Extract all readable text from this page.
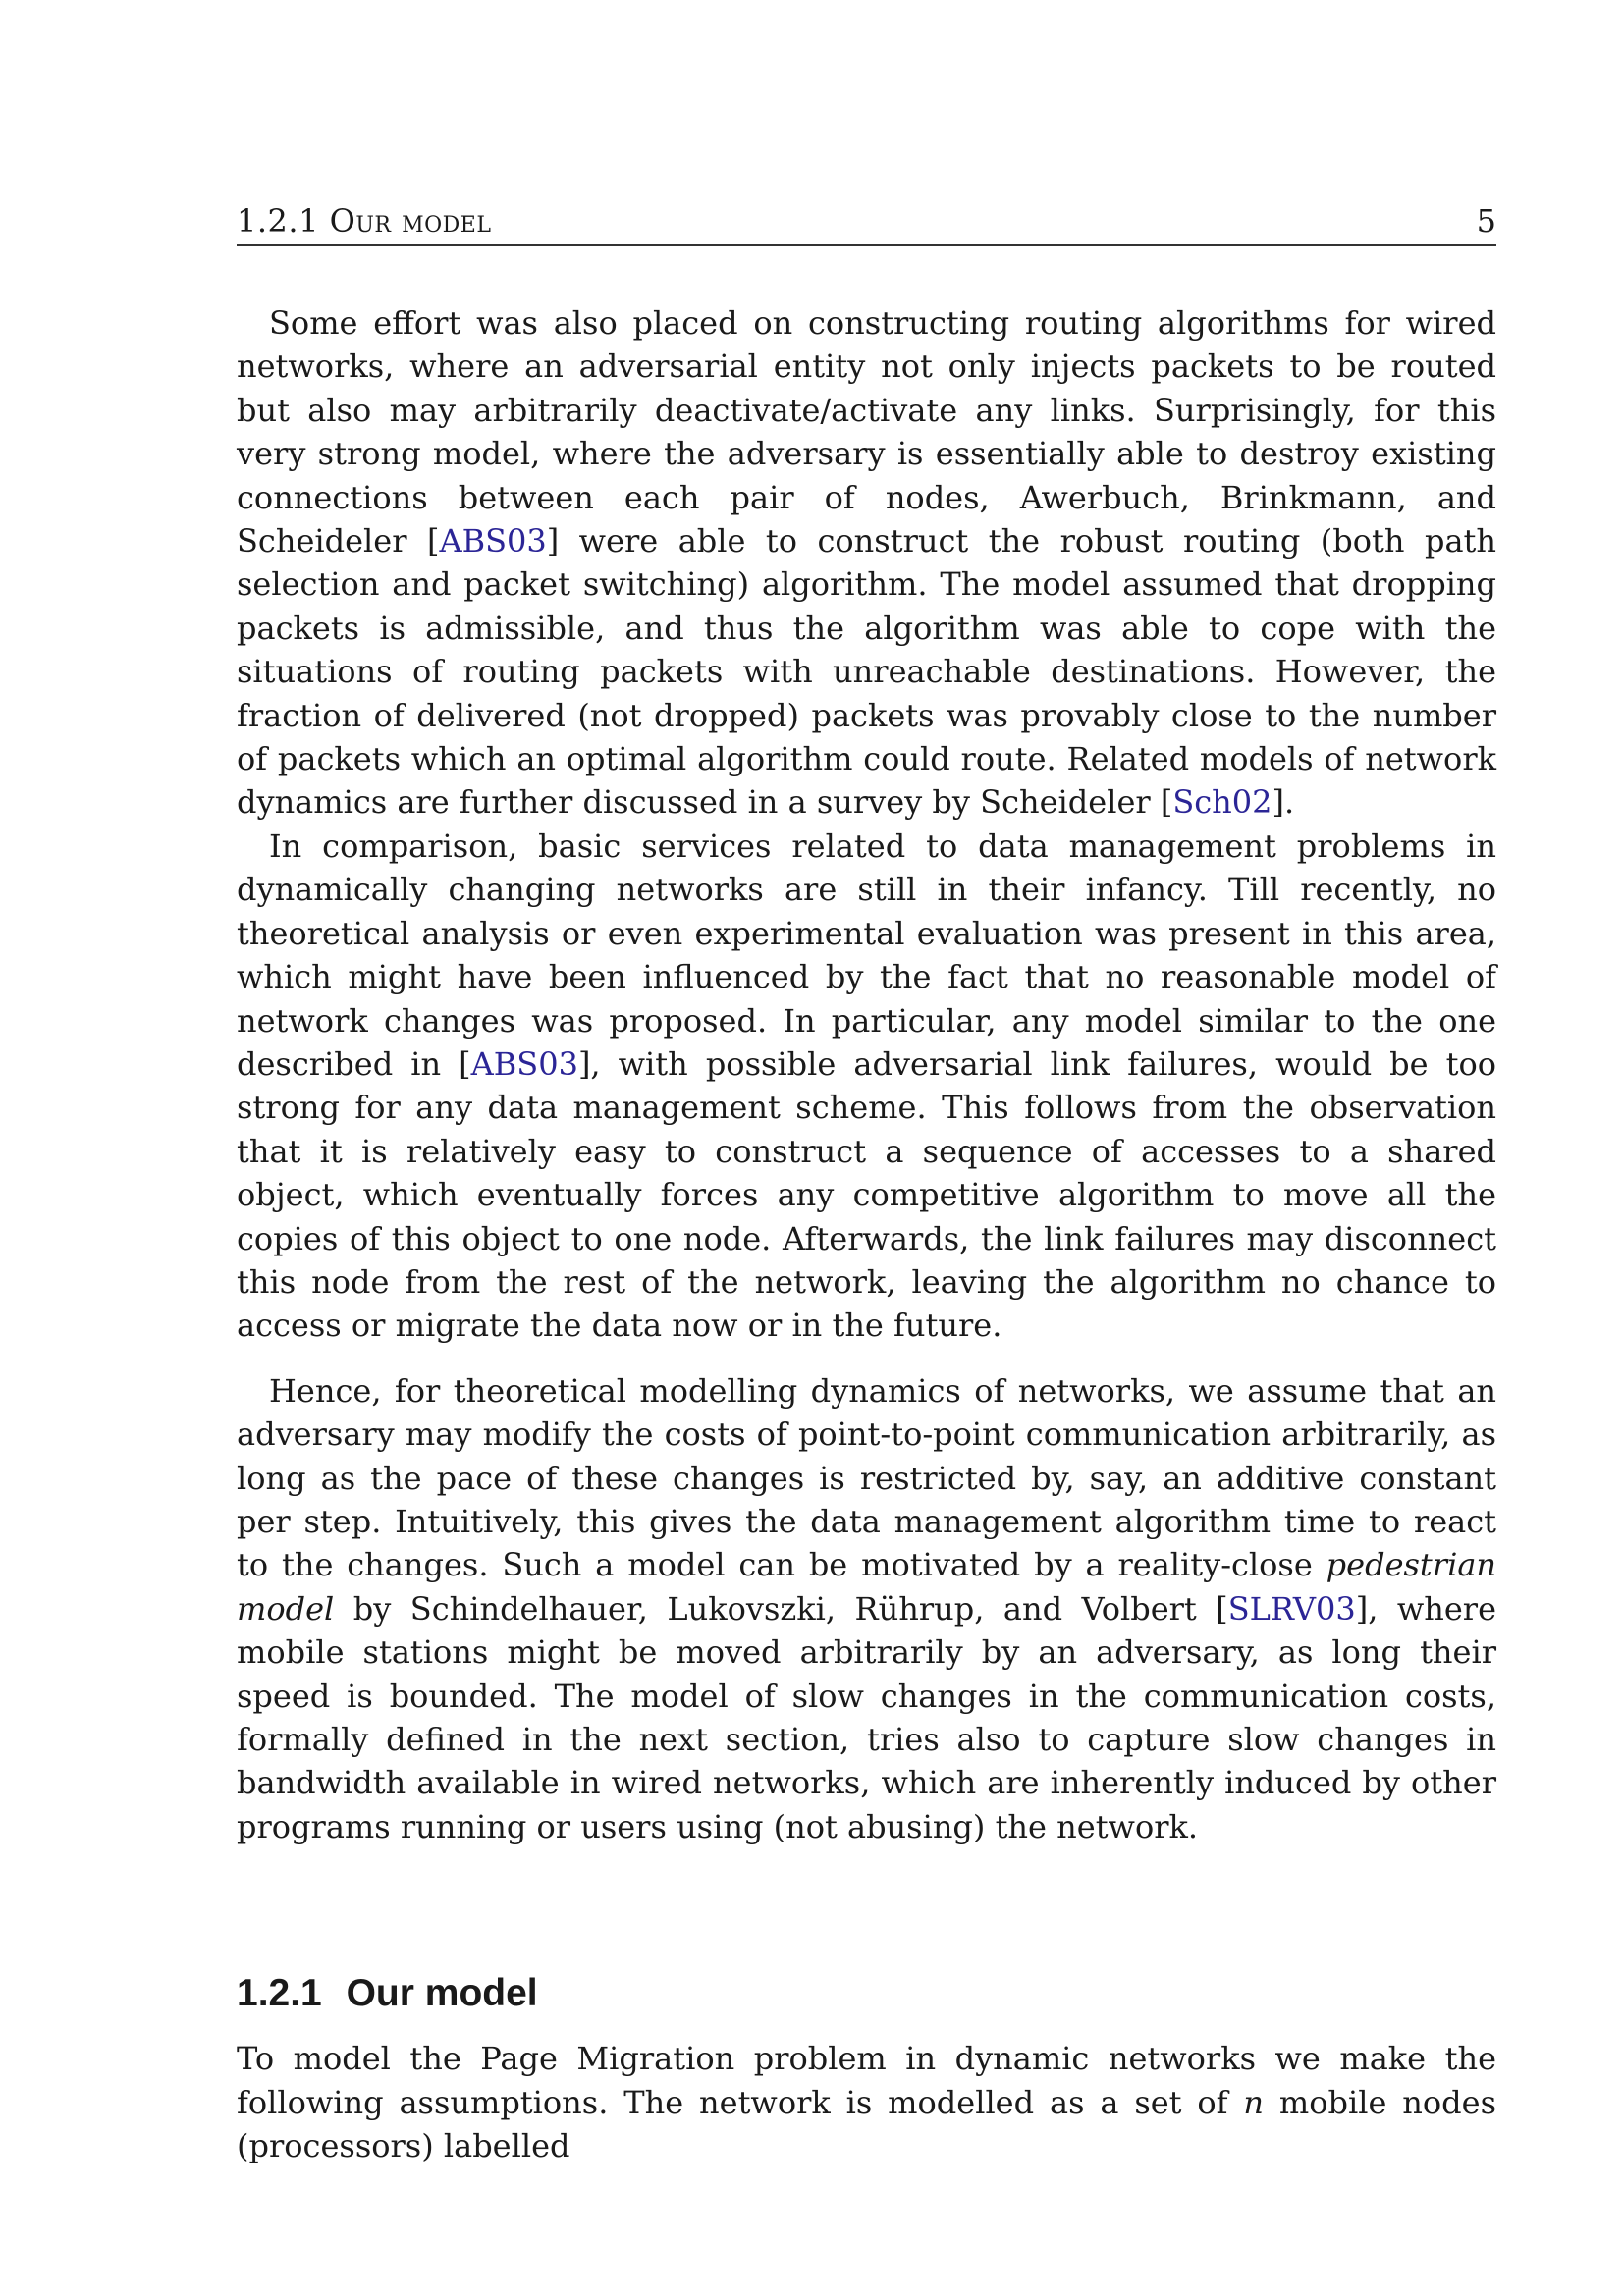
1.2.1 Our model	5

Some effort was also placed on constructing routing algorithms for wired networks, where an adversarial entity not only injects packets to be routed but also may arbitrarily deactivate/activate any links. Surprisingly, for this very strong model, where the adversary is essentially able to destroy existing connections between each pair of nodes, Awerbuch, Brinkmann, and Scheideler [ABS03] were able to construct the robust routing (both path selection and packet switching) algorithm. The model assumed that dropping packets is admissible, and thus the algorithm was able to cope with the situations of routing packets with unreachable destinations. However, the fraction of delivered (not dropped) packets was provably close to the number of packets which an optimal algorithm could route. Related models of network dynamics are further discussed in a survey by Scheideler [Sch02].

In comparison, basic services related to data management problems in dynamically changing networks are still in their infancy. Till recently, no theoretical analysis or even experimental evaluation was present in this area, which might have been influenced by the fact that no reasonable model of network changes was proposed. In particular, any model similar to the one described in [ABS03], with possible adversarial link failures, would be too strong for any data management scheme. This follows from the observation that it is relatively easy to construct a sequence of accesses to a shared object, which eventually forces any competitive algorithm to move all the copies of this object to one node. Afterwards, the link failures may disconnect this node from the rest of the network, leaving the algorithm no chance to access or migrate the data now or in the future.

Hence, for theoretical modelling dynamics of networks, we assume that an adversary may modify the costs of point-to-point communication arbitrarily, as long as the pace of these changes is restricted by, say, an additive constant per step. Intuitively, this gives the data management algorithm time to react to the changes. Such a model can be motivated by a reality-close pedestrian model by Schindelhauer, Lukovszki, Rührup, and Volbert [SLRV03], where mobile stations might be moved arbitrarily by an adversary, as long their speed is bounded. The model of slow changes in the communication costs, formally defined in the next section, tries also to capture slow changes in bandwidth available in wired networks, which are inherently induced by other programs running or users using (not abusing) the network.

1.2.1 Our model

To model the Page Migration problem in dynamic networks we make the following assumptions. The network is modelled as a set of n mobile nodes (processors) labelled
